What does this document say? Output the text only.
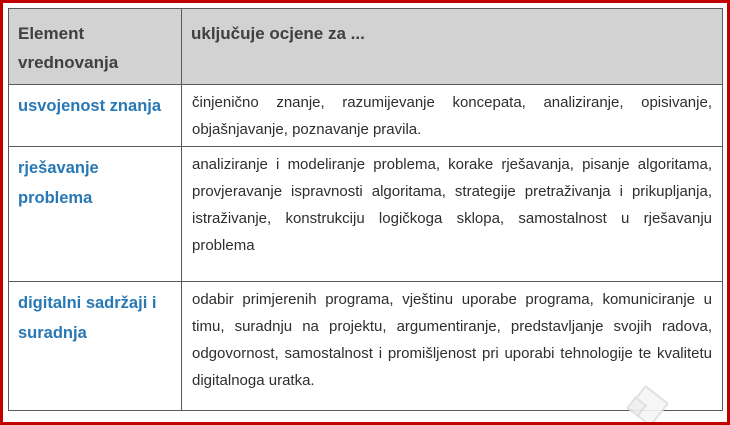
Element vrednovanja	uključuje ocjene za ...
usvojenost znanja	činjenično znanje, razumijevanje koncepata, analiziranje, opisivanje, objašnjavanje, poznavanje pravila.
rješavanje problema	analiziranje i modeliranje problema, korake rješavanja, pisanje algoritama, provjeravanje ispravnosti algoritama, strategije pretraživanja i prikupljanja, istraživanje, konstrukciju logičkoga sklopa, samostalnost u rješavanju problema
digitalni sadržaji i suradnja	odabir primjerenih programa, vještinu uporabe programa, komuniciranje u timu, suradnju na projektu, argumentiranje, predstavljanje svojih radova, odgovornost, samostalnost i promišljenost pri uporabi tehnologije te kvalitetu digitalnoga uratka.
